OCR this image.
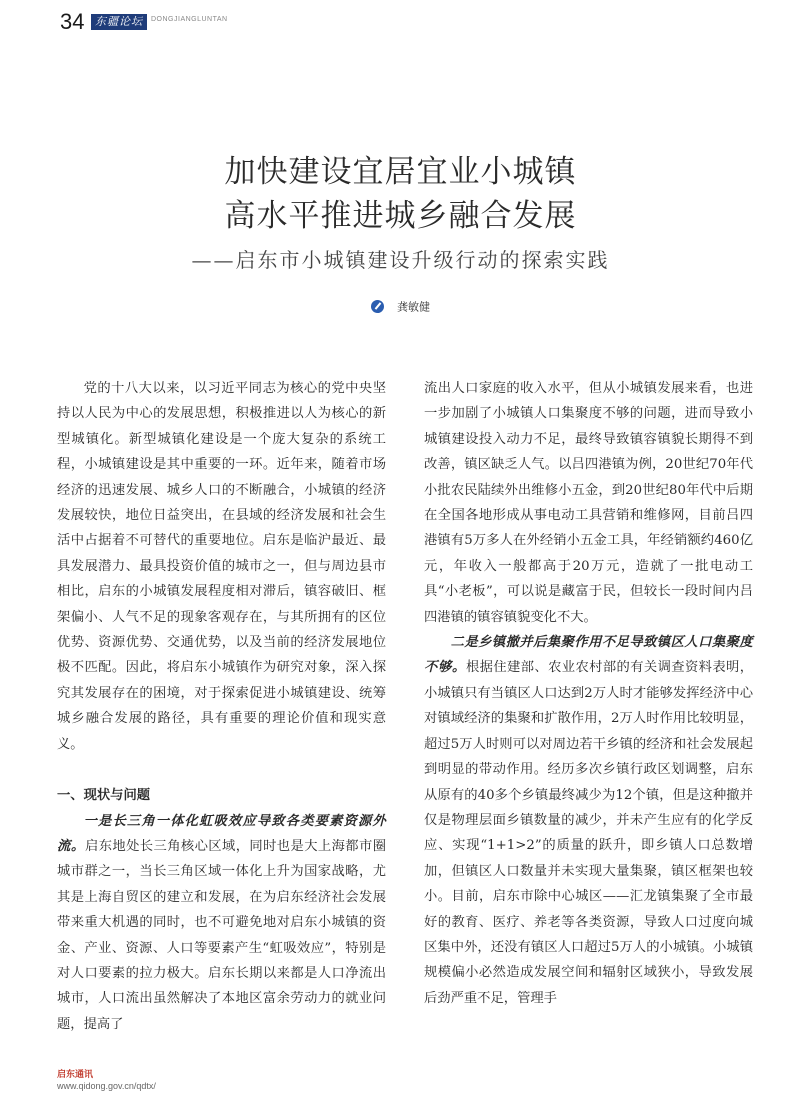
34 东疆论坛	DONGJIANGLUNTAN
加快建设宜居宜业小城镇
高水平推进城乡融合发展
——启东市小城镇建设升级行动的探索实践
龚敏健

党的十八大以来，以习近平同志为核心的党中央坚持以人民为中心的发展思想，积极推进以人为核心的新型城镇化。新型城镇化建设是一个庞大复杂的系统工程，小城镇建设是其中重要的一环。近年来，随着市场经济的迅速发展、城乡人口的不断融合，小城镇的经济发展较快，地位日益突出，在县域的经济发展和社会生活中占据着不可替代的重要地位。启东是临沪最近、最具发展潜力、最具投资价值的城市之一，但与周边县市相比，启东的小城镇发展程度相对滞后，镇容破旧、框架偏小、人气不足的现象客观存在，与其所拥有的区位优势、资源优势、交通优势，以及当前的经济发展地位极不匹配。因此，将启东小城镇作为研究对象，深入探究其发展存在的困境，对于探索促进小城镇建设、统筹城乡融合发展的路径，具有重要的理论价值和现实意义。

一、现状与问题

一是长三角一体化虹吸效应导致各类要素资源外流。启东地处长三角核心区域，同时也是大上海都市圈城市群之一，当长三角区域一体化上升为国家战略，尤其是上海自贸区的建立和发展，在为启东经济社会发展带来重大机遇的同时，也不可避免地对启东小城镇的资金、产业、资源、人口等要素产生“虹吸效应”，特别是对人口要素的拉力极大。启东长期以来都是人口净流出城市，人口流出虽然解决了本地区富余劳动力的就业问题，提高了

流出人口家庭的收入水平，但从小城镇发展来看，也进一步加剧了小城镇人口集聚度不够的问题，进而导致小城镇建设投入动力不足，最终导致镇容镇貌长期得不到改善，镇区缺乏人气。以吕四港镇为例，20世纪70年代小批农民陆续外出维修小五金，到20世纪80年代中后期在全国各地形成从事电动工具营销和维修网，目前吕四港镇有5万多人在外经销小五金工具，年经销额约460亿元，年收入一般都高于20万元，造就了一批电动工具“小老板”，可以说是藏富于民，但较长一段时间内吕四港镇的镇容镇貌变化不大。

二是乡镇撤并后集聚作用不足导致镇区人口集聚度不够。根据住建部、农业农村部的有关调查资料表明，小城镇只有当镇区人口达到2万人时才能够发挥经济中心对镇域经济的集聚和扩散作用，2万人时作用比较明显，超过5万人时则可以对周边若干乡镇的经济和社会发展起到明显的带动作用。经历多次乡镇行政区划调整，启东从原有的40多个乡镇最终减少为12个镇，但是这种撤并仅是物理层面乡镇数量的减少，并未产生应有的化学反应、实现“1+1>2”的质量的跃升，即乡镇人口总数增加，但镇区人口数量并未实现大量集聚，镇区框架也较小。目前，启东市除中心城区——汇龙镇集聚了全市最好的教育、医疗、养老等各类资源，导致人口过度向城区集中外，还没有镇区人口超过5万人的小城镇。小城镇规模偏小必然造成发展空间和辐射区域狭小，导致发展后劲严重不足，管理手

启东通讯
www.qidong.gov.cn/qdtx/
